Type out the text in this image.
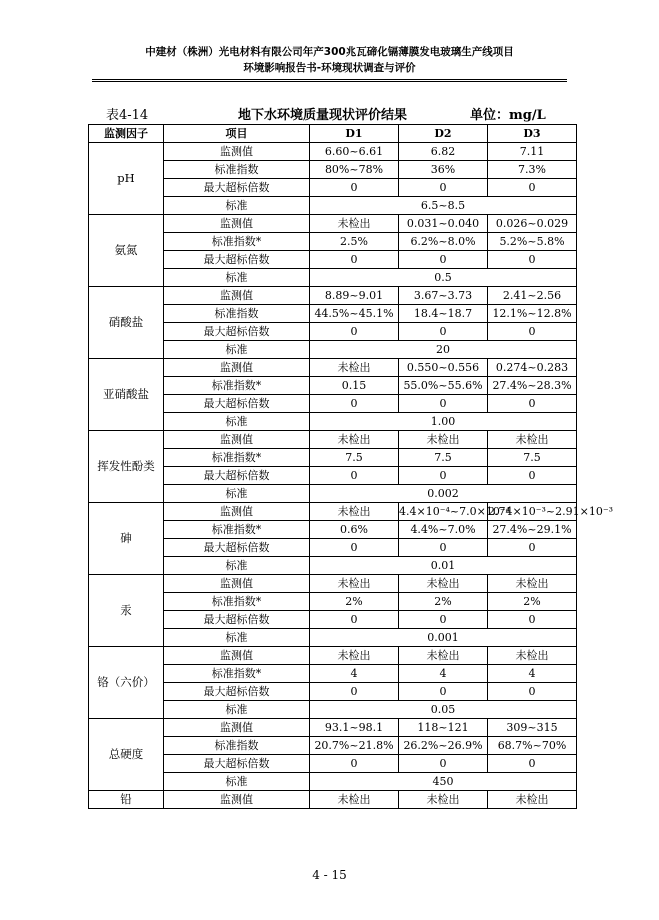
中建材（株洲）光电材料有限公司年产300兆瓦碲化镉薄膜发电玻璃生产线项目
环境影响报告书-环境现状调查与评价
表4-14	地下水环境质量现状评价结果	单位：mg/L
监测因子	项目	D1	D2	D3
pH	监测值	6.60~6.61	6.82	7.11
	标准指数	80%~78%	36%	7.3%
	最大超标倍数	0	0	0
	标准	6.5~8.5		
氨氮	监测值	未检出	0.031~0.040	0.026~0.029
	标准指数*	2.5%	6.2%~8.0%	5.2%~5.8%
	最大超标倍数	0	0	0
	标准	0.5		
硝酸盐	监测值	8.89~9.01	3.67~3.73	2.41~2.56
	标准指数	44.5%~45.1%	18.4~18.7	12.1%~12.8%
	最大超标倍数	0	0	0
	标准	20		
亚硝酸盐	监测值	未检出	0.550~0.556	0.274~0.283
	标准指数*	0.15	55.0%~55.6%	27.4%~28.3%
	最大超标倍数	0	0	0
	标准	1.00		
挥发性酚类	监测值	未检出	未检出	未检出
	标准指数*	7.5	7.5	7.5
	最大超标倍数	0	0	0
	标准	0.002		
砷	监测值	未检出	4.4×10⁻⁴~7.0×10⁻⁴	2.74×10⁻³~2.91×10⁻³
	标准指数*	0.6%	4.4%~7.0%	27.4%~29.1%
	最大超标倍数	0	0	0
	标准	0.01		
汞	监测值	未检出	未检出	未检出
	标准指数*	2%	2%	2%
	最大超标倍数	0	0	0
	标准	0.001		
铬（六价）	监测值	未检出	未检出	未检出
	标准指数*	4	4	4
	最大超标倍数	0	0	0
	标准	0.05		
总硬度	监测值	93.1~98.1	118~121	309~315
	标准指数	20.7%~21.8%	26.2%~26.9%	68.7%~70%
	最大超标倍数	0	0	0
	标准	450		
铅	监测值	未检出	未检出	未检出
4 - 15
